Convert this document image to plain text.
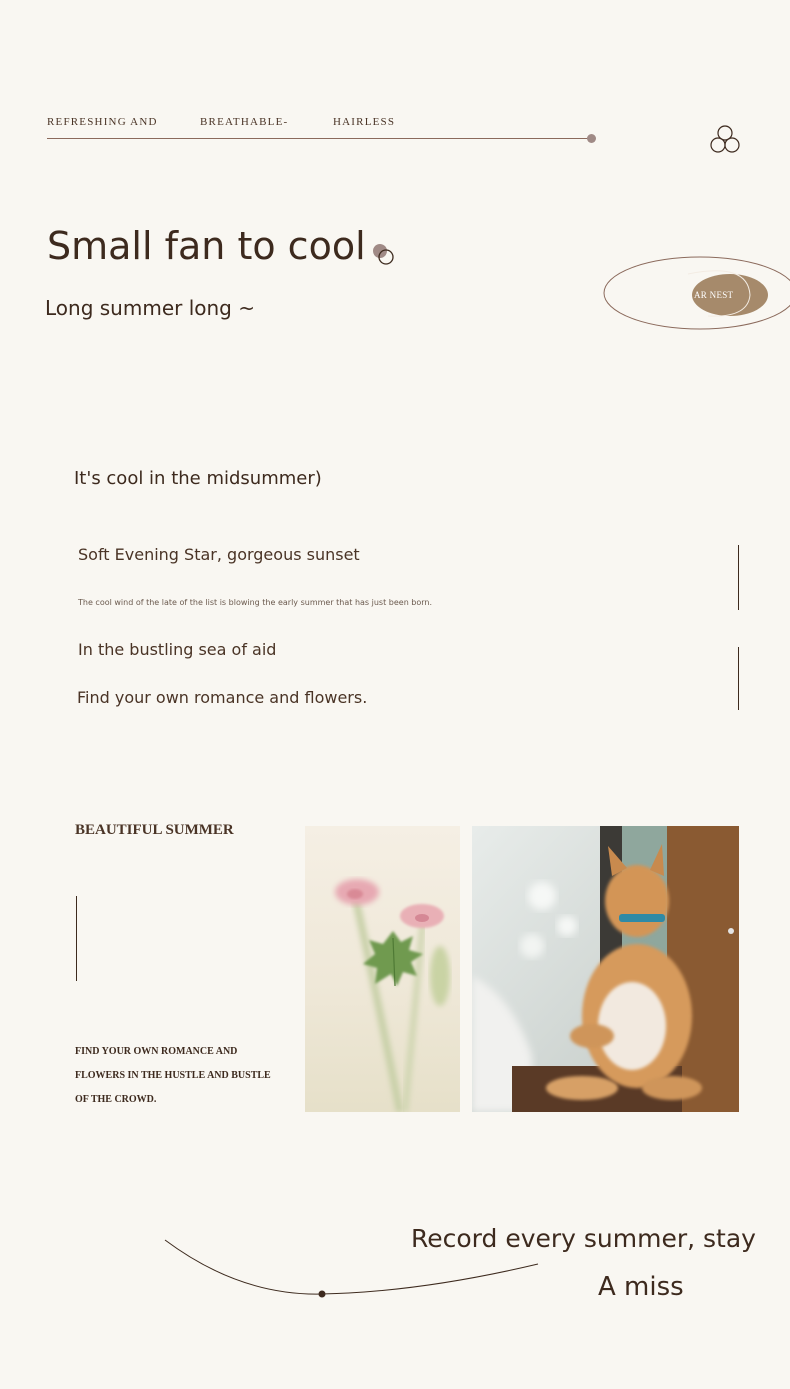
REFRESHING AND	BREATHABLE-	HAIRLESS
Small fan to cool
Long summer long ~
AR NEST
It's cool in the midsummer)
Soft Evening Star, gorgeous sunset
The cool wind of the late of the list is blowing the early summer that has just been born.
In the bustling sea of aid
Find your own romance and flowers.
BEAUTIFUL SUMMER
FIND YOUR OWN ROMANCE AND
FLOWERS IN THE HUSTLE AND BUSTLE
OF THE CROWD.
Record every summer, stay
A miss
